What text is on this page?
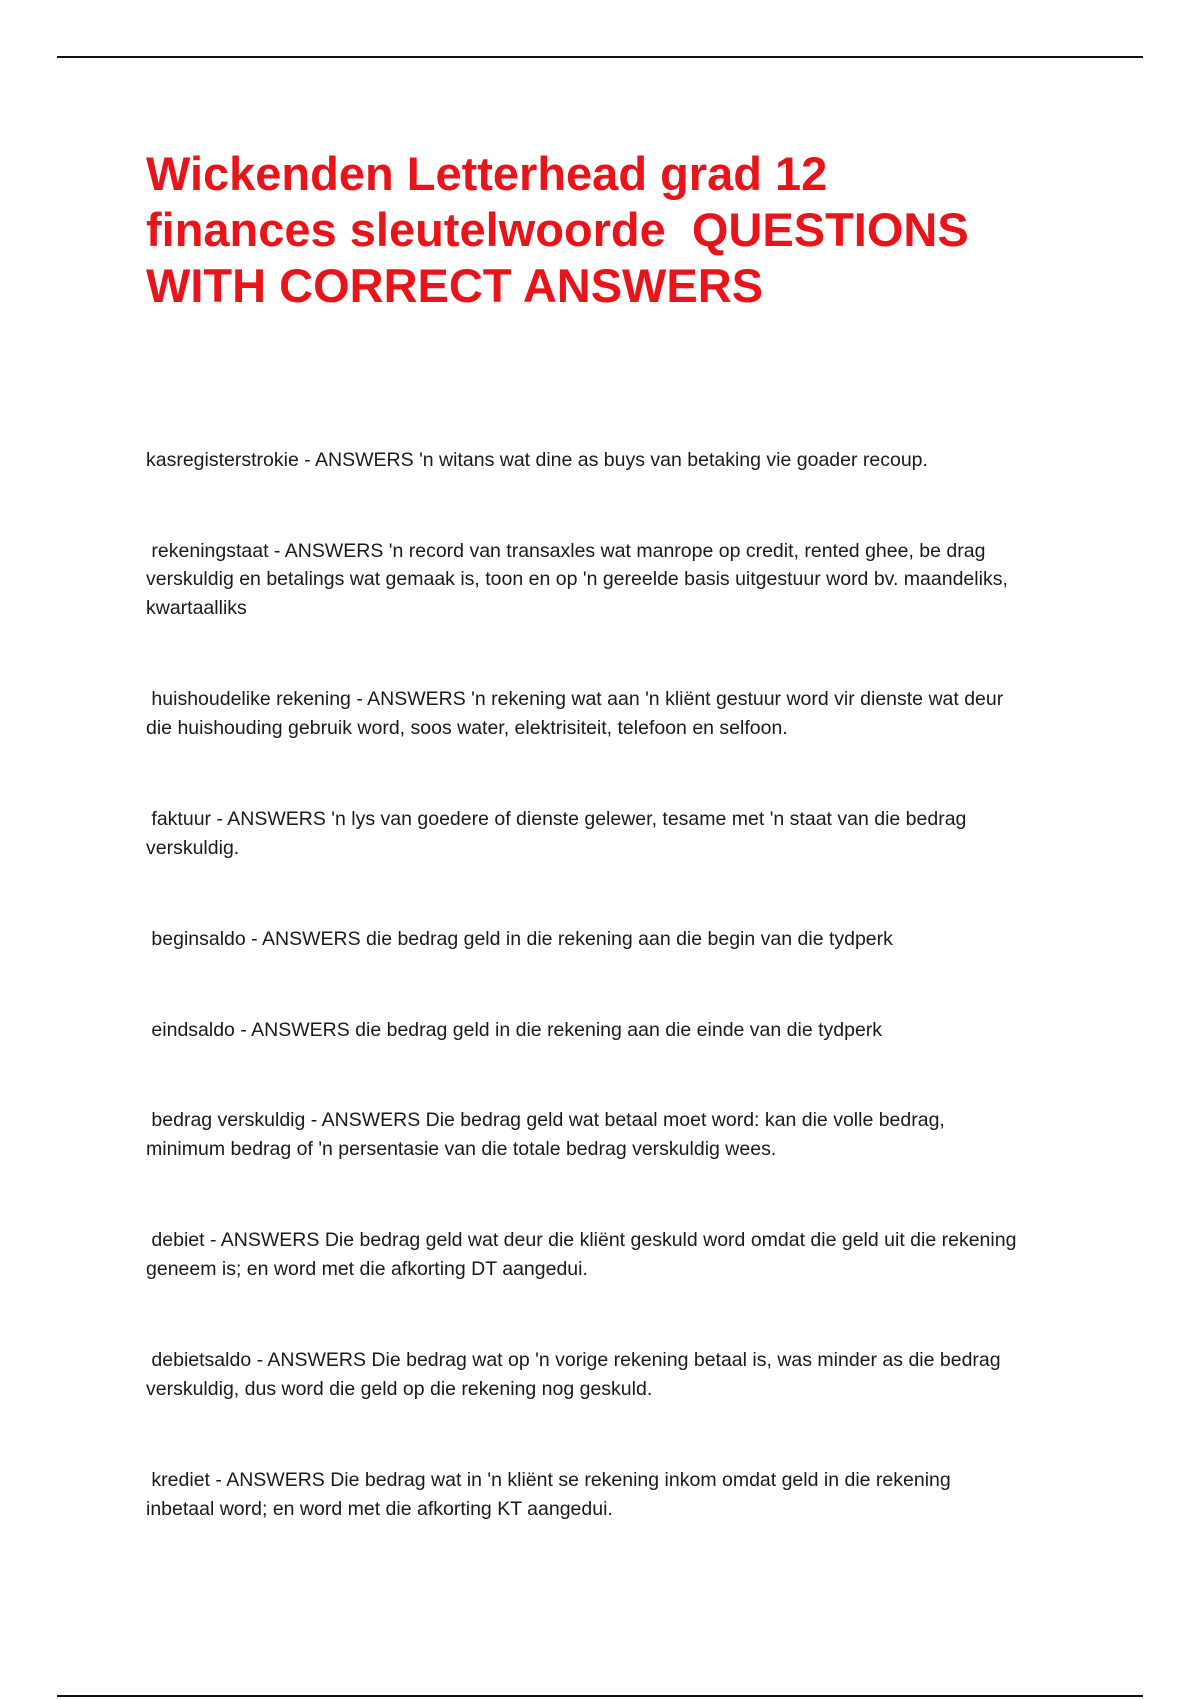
Wickenden Letterhead grad 12
finances sleutelwoorde  QUESTIONS
WITH CORRECT ANSWERS
kasregisterstrokie - ANSWERS 'n witans wat dine as buys van betaking vie goader recoup.
rekeningstaat - ANSWERS 'n record van transaxles wat manrope op credit, rented ghee, be drag
verskuldig en betalings wat gemaak is, toon en op 'n gereelde basis uitgestuur word bv. maandeliks,
kwartaalliks
huishoudelike rekening - ANSWERS 'n rekening wat aan 'n kliënt gestuur word vir dienste wat deur
die huishouding gebruik word, soos water, elektrisiteit, telefoon en selfoon.
faktuur - ANSWERS 'n lys van goedere of dienste gelewer, tesame met 'n staat van die bedrag
verskuldig.
beginsaldo - ANSWERS die bedrag geld in die rekening aan die begin van die tydperk
eindsaldo - ANSWERS die bedrag geld in die rekening aan die einde van die tydperk
bedrag verskuldig - ANSWERS Die bedrag geld wat betaal moet word: kan die volle bedrag,
minimum bedrag of 'n persentasie van die totale bedrag verskuldig wees.
debiet - ANSWERS Die bedrag geld wat deur die kliënt geskuld word omdat die geld uit die rekening
geneem is; en word met die afkorting DT aangedui.
debietsaldo - ANSWERS Die bedrag wat op 'n vorige rekening betaal is, was minder as die bedrag
verskuldig, dus word die geld op die rekening nog geskuld.
krediet - ANSWERS Die bedrag wat in 'n kliënt se rekening inkom omdat geld in die rekening
inbetaal word; en word met die afkorting KT aangedui.
